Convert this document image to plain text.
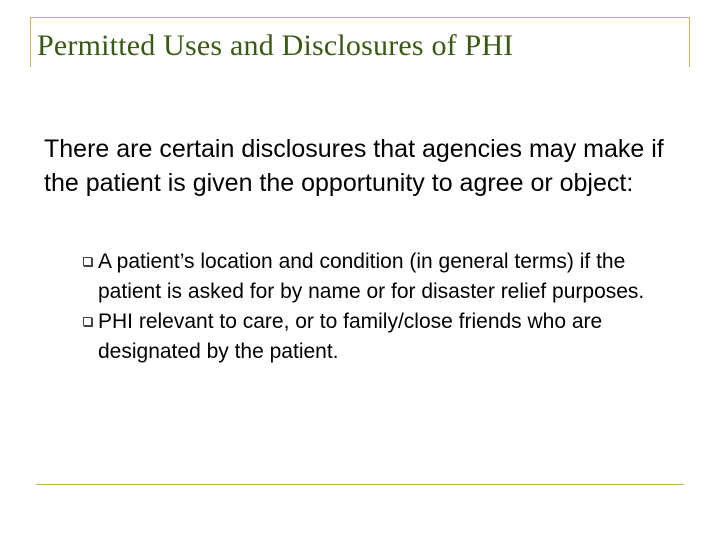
Permitted Uses and Disclosures of PHI

There are certain disclosures that agencies may make if the patient is given the opportunity to agree or object:

A patient’s location and condition (in general terms) if the patient is asked for by name or for disaster relief purposes.
PHI relevant to care, or to family/close friends who are designated by the patient.
